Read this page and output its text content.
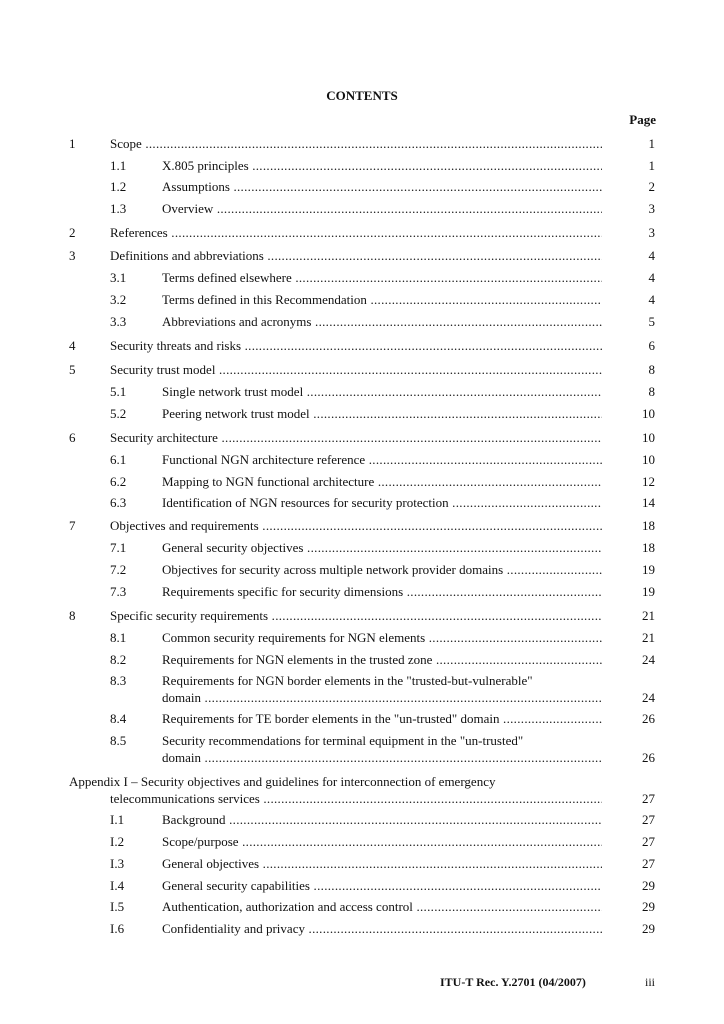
CONTENTS
Page
1	Scope .....	1
1.1	X.805 principles .....	1
1.2	Assumptions .....	2
1.3	Overview .....	3
2	References .....	3
3	Definitions and abbreviations .....	4
3.1	Terms defined elsewhere .....	4
3.2	Terms defined in this Recommendation .....	4
3.3	Abbreviations and acronyms .....	5
4	Security threats and risks .....	6
5	Security trust model .....	8
5.1	Single network trust model .....	8
5.2	Peering network trust model .....	10
6	Security architecture .....	10
6.1	Functional NGN architecture reference .....	10
6.2	Mapping to NGN functional architecture .....	12
6.3	Identification of NGN resources for security protection .....	14
7	Objectives and requirements .....	18
7.1	General security objectives .....	18
7.2	Objectives for security across multiple network provider domains .....	19
7.3	Requirements specific for security dimensions .....	19
8	Specific security requirements .....	21
8.1	Common security requirements for NGN elements .....	21
8.2	Requirements for NGN elements in the trusted zone .....	24
8.3	Requirements for NGN border elements in the "trusted-but-vulnerable"
domain .....	24
8.4	Requirements for TE border elements in the "un-trusted" domain .....	26
8.5	Security recommendations for terminal equipment in the "un-trusted"
domain .....	26
Appendix I – Security objectives and guidelines for interconnection of emergency
telecommunications services .....	27
I.1	Background .....	27
I.2	Scope/purpose .....	27
I.3	General objectives .....	27
I.4	General security capabilities .....	29
I.5	Authentication, authorization and access control .....	29
I.6	Confidentiality and privacy .....	29
ITU-T Rec. Y.2701 (04/2007)	iii
